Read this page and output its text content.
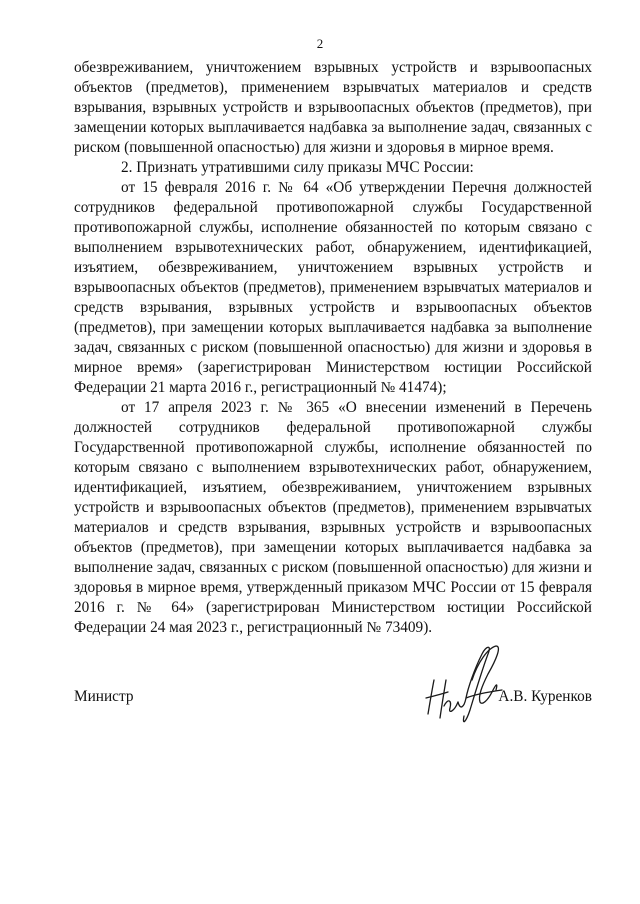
2

обезвреживанием, уничтожением взрывных устройств и взрывоопасных объектов (предметов), применением взрывчатых материалов и средств взрывания, взрывных устройств и взрывоопасных объектов (предметов), при замещении которых выплачивается надбавка за выполнение задач, связанных с риском (повышенной опасностью) для жизни и здоровья в мирное время.

2. Признать утратившими силу приказы МЧС России:

от 15 февраля 2016 г. № 64 «Об утверждении Перечня должностей сотрудников федеральной противопожарной службы Государственной противопожарной службы, исполнение обязанностей по которым связано с выполнением взрывотехнических работ, обнаружением, идентификацией, изъятием, обезвреживанием, уничтожением взрывных устройств и взрывоопасных объектов (предметов), применением взрывчатых материалов и средств взрывания, взрывных устройств и взрывоопасных объектов (предметов), при замещении которых выплачивается надбавка за выполнение задач, связанных с риском (повышенной опасностью) для жизни и здоровья в мирное время» (зарегистрирован Министерством юстиции Российской Федерации 21 марта 2016 г., регистрационный № 41474);

от 17 апреля 2023 г. № 365 «О внесении изменений в Перечень должностей сотрудников федеральной противопожарной службы Государственной противопожарной службы, исполнение обязанностей по которым связано с выполнением взрывотехнических работ, обнаружением, идентификацией, изъятием, обезвреживанием, уничтожением взрывных устройств и взрывоопасных объектов (предметов), применением взрывчатых материалов и средств взрывания, взрывных устройств и взрывоопасных объектов (предметов), при замещении которых выплачивается надбавка за выполнение задач, связанных с риском (повышенной опасностью) для жизни и здоровья в мирное время, утвержденный приказом МЧС России от 15 февраля 2016 г. № 64» (зарегистрирован Министерством юстиции Российской Федерации 24 мая 2023 г., регистрационный № 73409).

Министр	А.В. Куренков
